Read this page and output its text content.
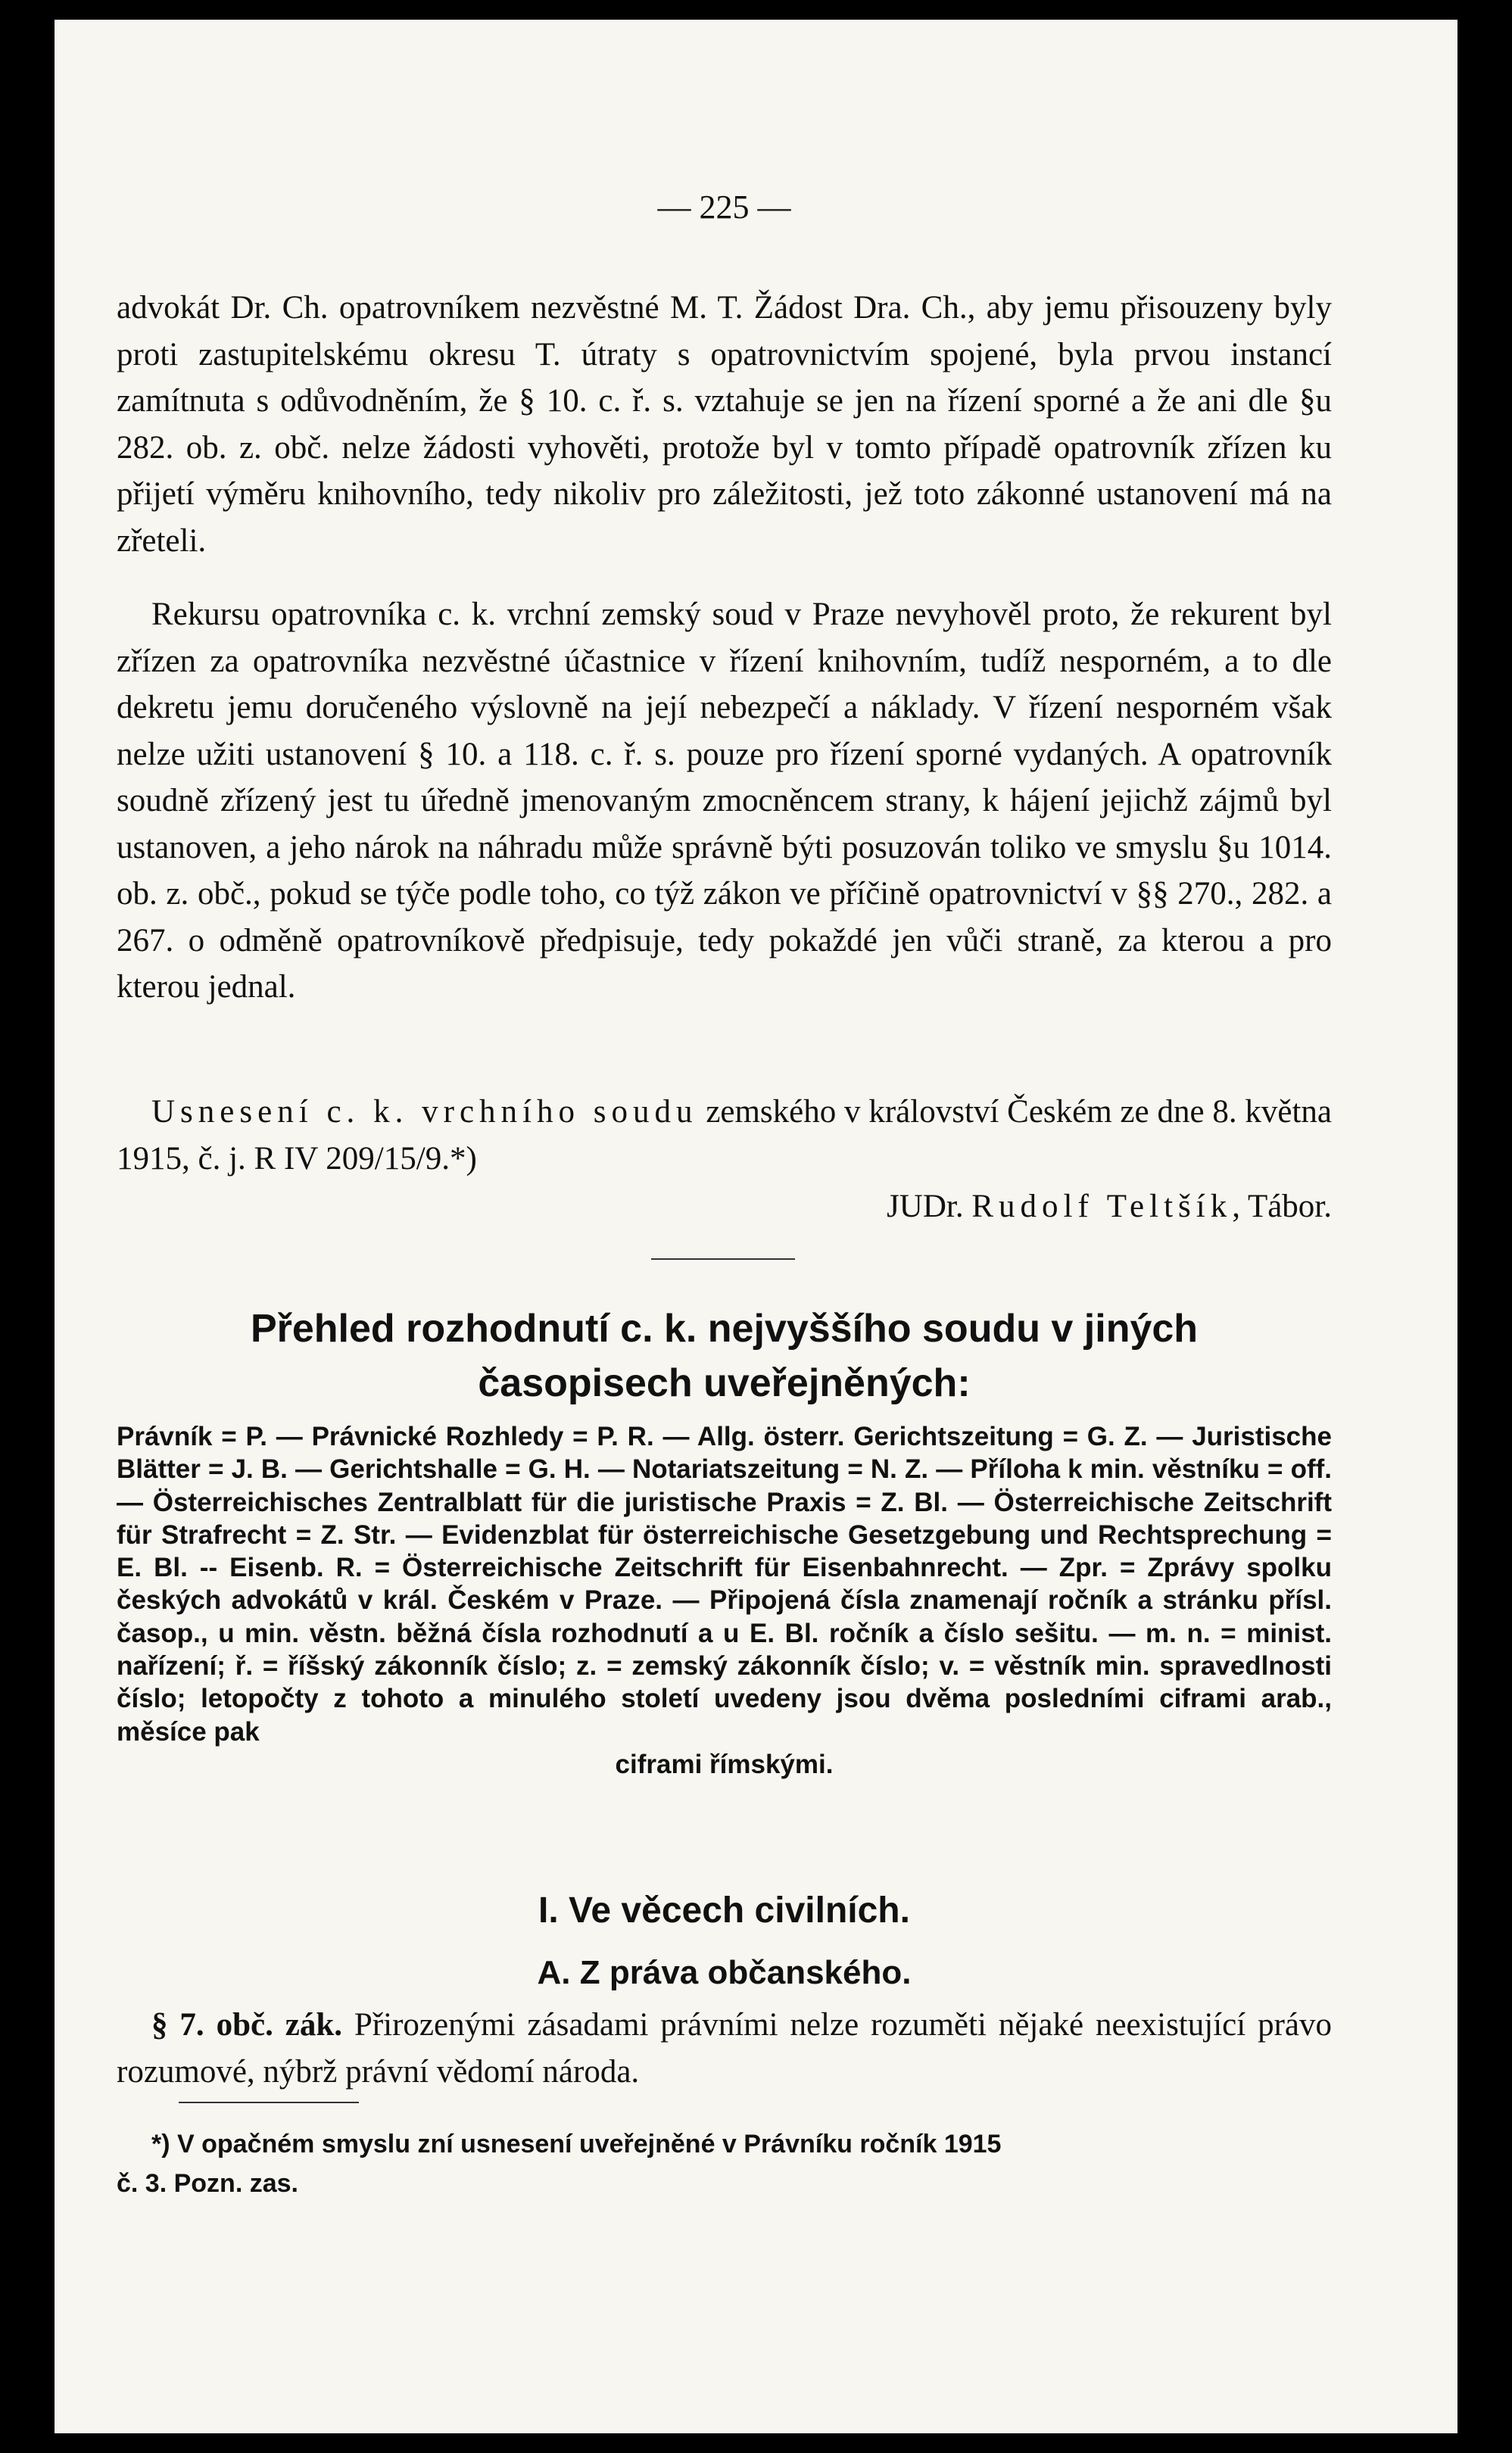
— 225 —

advokát Dr. Ch. opatrovníkem nezvěstné M. T. Žádost Dra. Ch., aby jemu přisouzeny byly proti zastupitelskému okresu T. útraty s opatrovnictvím spojené, byla prvou instancí zamítnuta s odůvodněním, že § 10. c. ř. s. vztahuje se jen na řízení sporné a že ani dle §u 282. ob. z. obč. nelze žádosti vyhověti, protože byl v tomto případě opatrovník zřízen ku přijetí výměru knihovního, tedy nikoliv pro záležitosti, jež toto zákonné ustanovení má na zřeteli.

Rekursu opatrovníka c. k. vrchní zemský soud v Praze nevyhověl proto, že rekurent byl zřízen za opatrovníka nezvěstné účastnice v řízení knihovním, tudíž nesporném, a to dle dekretu jemu doručeného výslovně na její nebezpečí a náklady. V řízení nesporném však nelze užiti ustanovení § 10. a 118. c. ř. s. pouze pro řízení sporné vydaných. A opatrovník soudně zřízený jest tu úředně jmenovaným zmocněncem strany, k hájení jejichž zájmů byl ustanoven, a jeho nárok na náhradu může správně býti posuzován toliko ve smyslu §u 1014. ob. z. obč., pokud se týče podle toho, co týž zákon ve příčině opatrovnictví v §§ 270., 282. a 267. o odměně opatrovníkově předpisuje, tedy pokaždé jen vůči straně, za kterou a pro kterou jednal.

Usnesení c. k. vrchního soudu zemského v království Českém ze dne 8. května 1915, č. j. R IV 209/15/9.*)

JUDr. Rudolf Teltšík, Tábor.
Přehled rozhodnutí c. k. nejvyššího soudu v jiných
časopisech uveřejněných:
Právník = P. — Právnické Rozhledy = P. R. — Allg. österr. Gerichtszeitung = G. Z. — Juristische Blätter = J. B. — Gerichtshalle = G. H. — Notariatszeitung = N. Z. — Příloha k min. věstníku = off. — Österreichisches Zentralblatt für die juristische Praxis = Z. Bl. — Österreichische Zeitschrift für Strafrecht = Z. Str. — Evidenzblat für österreichische Gesetzgebung und Rechtsprechung = E. Bl. -- Eisenb. R. = Österreichische Zeitschrift für Eisenbahnrecht. — Zpr. = Zprávy spolku českých advokátů v král. Českém v Praze. — Připojená čísla znamenají ročník a stránku přísl. časop., u min. věstn. běžná čísla rozhodnutí a u E. Bl. ročník a číslo sešitu. — m. n. = minist. nařízení; ř. = říšský zákonník číslo; z. = zemský zákonník číslo; v. = věstník min. spravedlnosti číslo; letopočty z tohoto a minulého století uvedeny jsou dvěma posledními ciframi arab., měsíce pak
ciframi římskými.
I. Ve věcech civilních.
A. Z práva občanského.

§ 7. obč. zák. Přirozenými zásadami právními nelze rozuměti nějaké neexistující právo rozumové, nýbrž právní vědomí národa.

*) V opačném smyslu zní usnesení uveřejněné v Právníku ročník 1915
č. 3. Pozn. zas.
